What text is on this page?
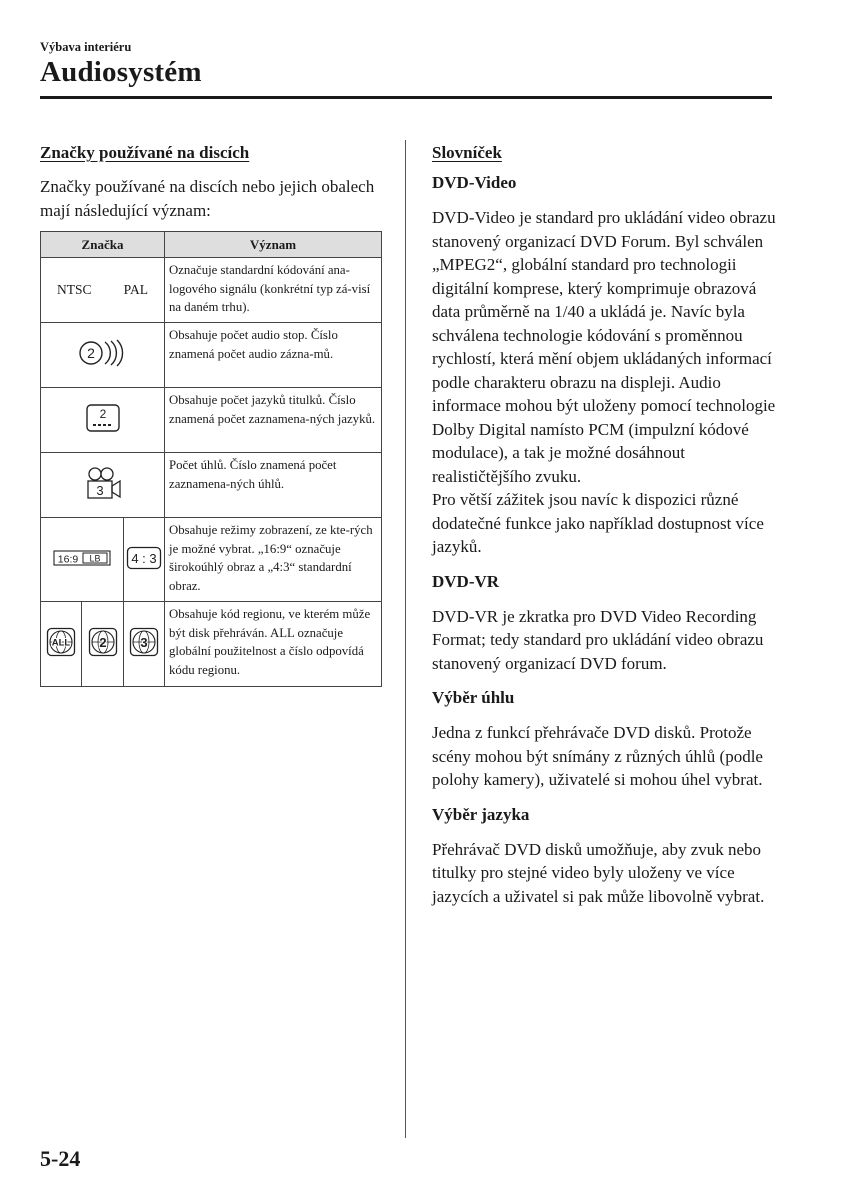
Výbava interiéru
Audiosystém

Značky používané na discích

Značky používané na discích nebo jejich obalech mají následující význam:

Značka			Význam

NTSC PAL			Označuje standardní kódování ana-logového signálu (konkrétní typ zá-visí na daném trhu).

2			Obsahuje počet audio stop. Číslo znamená počet audio zázna-mů.

2			Obsahuje počet jazyků titulků. Číslo znamená počet zaznamena-ných jazyků.

3			Počet úhlů. Číslo znamená počet zaznamena-ných úhlů.

16:9 LB		4 : 3	Obsahuje režimy zobrazení, ze kte-rých je možné vybrat. „16:9“ označuje širokoúhlý obraz a „4:3“ standardní obraz.

ALL	2	3	Obsahuje kód regionu, ve kterém může být disk přehráván. ALL označuje globální použitelnost a číslo odpovídá kódu regionu.

Slovníček

DVD-Video

DVD-Video je standard pro ukládání video obrazu stanovený organizací DVD Forum. Byl schválen „MPEG2“, globální standard pro technologii digitální komprese, který komprimuje obrazová data průměrně na 1/40 a ukládá je. Navíc byla schválena technologie kódování s proměnnou rychlostí, která mění objem ukládaných informací podle charakteru obrazu na displeji. Audio informace mohou být uloženy pomocí technologie Dolby Digital namísto PCM (impulzní kódové modulace), a tak je možné dosáhnout realističtějšího zvuku.

Pro větší zážitek jsou navíc k dispozici různé dodatečné funkce jako například dostupnost více jazyků.

DVD-VR

DVD-VR je zkratka pro DVD Video Recording Format; tedy standard pro ukládání video obrazu stanovený organizací DVD forum.

Výběr úhlu

Jedna z funkcí přehrávače DVD disků. Protože scény mohou být snímány z různých úhlů (podle polohy kamery), uživatelé si mohou úhel vybrat.

Výběr jazyka

Přehrávač DVD disků umožňuje, aby zvuk nebo titulky pro stejné video byly uloženy ve více jazycích a uživatel si pak může libovolně vybrat.

5-24
